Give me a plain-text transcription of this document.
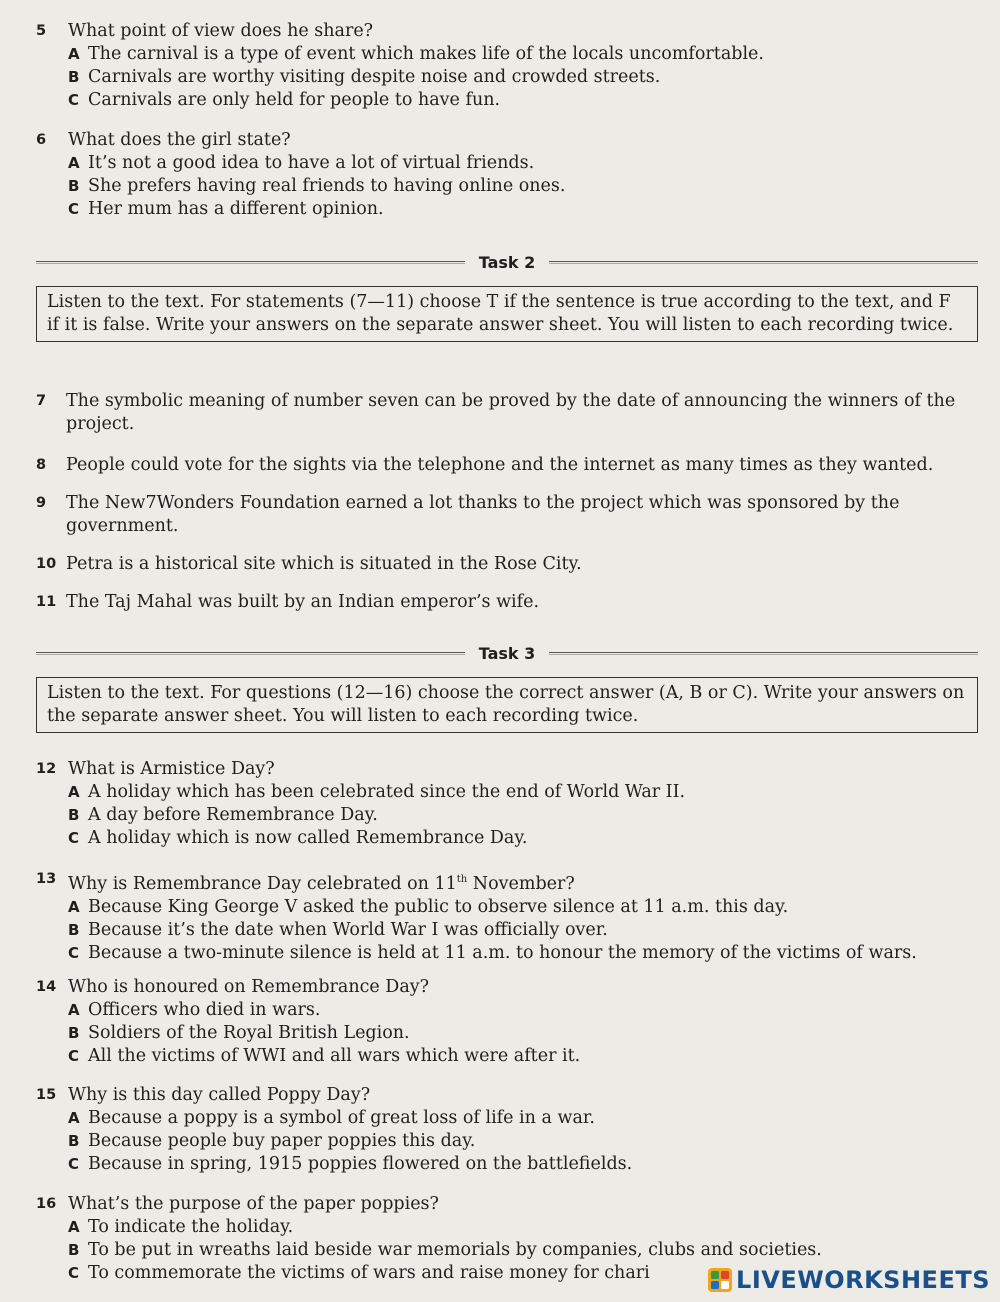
5	What point of view does he share?
A The carnival is a type of event which makes life of the locals uncomfortable.
B Carnivals are worthy visiting despite noise and crowded streets.
C Carnivals are only held for people to have fun.
6	What does the girl state?
A It’s not a good idea to have a lot of virtual friends.
B She prefers having real friends to having online ones.
C Her mum has a different opinion.
Task 2
Listen to the text. For statements (7—11) choose T if the sentence is true according to the text, and F if it is false. Write your answers on the separate answer sheet. You will listen to each recording twice.
7 The symbolic meaning of number seven can be proved by the date of announcing the winners of the project.
8 People could vote for the sights via the telephone and the internet as many times as they wanted.
9 The New7Wonders Foundation earned a lot thanks to the project which was sponsored by the government.
10 Petra is a historical site which is situated in the Rose City.
11 The Taj Mahal was built by an Indian emperor’s wife.
Task 3
Listen to the text. For questions (12—16) choose the correct answer (A, B or C). Write your answers on the separate answer sheet. You will listen to each recording twice.
12 What is Armistice Day?
A A holiday which has been celebrated since the end of World War II.
B A day before Remembrance Day.
C A holiday which is now called Remembrance Day.
13 Why is Remembrance Day celebrated on 11th November?
A Because King George V asked the public to observe silence at 11 a.m. this day.
B Because it’s the date when World War I was officially over.
C Because a two-minute silence is held at 11 a.m. to honour the memory of the victims of wars.
14 Who is honoured on Remembrance Day?
A Officers who died in wars.
B Soldiers of the Royal British Legion.
C All the victims of WWI and all wars which were after it.
15 Why is this day called Poppy Day?
A Because a poppy is a symbol of great loss of life in a war.
B Because people buy paper poppies this day.
C Because in spring, 1915 poppies flowered on the battlefields.
16 What’s the purpose of the paper poppies?
A To indicate the holiday.
B To be put in wreaths laid beside war memorials by companies, clubs and societies.
C To commemorate the victims of wars and raise money for chari	LIVEWORKSHEETS
